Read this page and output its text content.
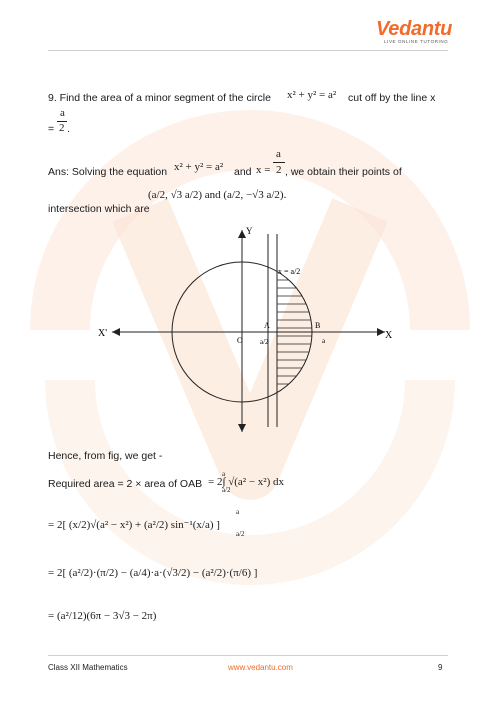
Vedantu
LIVE ONLINE TUTORING
9. Find the area of a minor segment of the circle x² + y² = a² cut off by the line x
a
= 2 .
Ans: Solving the equation x² + y² = a² and x =
a
2 , we obtain their points of
(a/2, √3 a/2) and (a/2, −√3 a/2).
intersection which are
Y
X
X'
O
x = a/2
A	B
a/2	a
Hence, from fig, we get -
Required area = 2 × area of OAB = 2∫ √(a² − x²) dx
a
a/2
= 2[ (x/2)√(a² − x²) + (a²/2) sin⁻¹(x/a) ]
a
a/2
= 2[ (a²/2)·(π/2) − (a/4)·a·(√3/2) − (a²/2)·(π/6) ]
= (a²/12)(6π − 3√3 − 2π)
Class XII Mathematics	www.vedantu.com	9
